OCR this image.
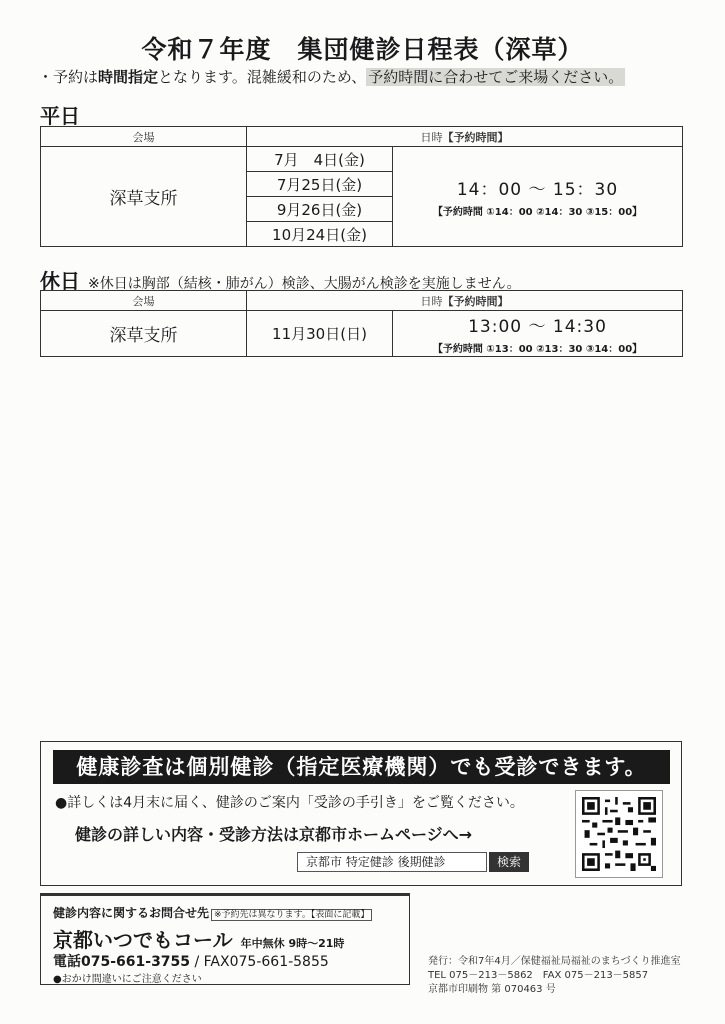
令和７年度　集団健診日程表（深草）
・予約は時間指定となります。混雑緩和のため、 予約時間に合わせてご来場ください。
平日
会場	日時【予約時間】	
深草支所	7月　4日(金)	14：00 ～ 15：30
【予約時間 ①14：00 ②14：30 ③15：00】

	7月25日(金)	
	9月26日(金)	
	10月24日(金)	
休日 ※休日は胸部（結核・肺がん）検診、大腸がん検診を実施しません。
会場	日時【予約時間】	
深草支所	11月30日(日)	13:00 ～ 14:30
【予約時間 ①13：00 ②13：30 ③14：00】
健康診査は個別健診（指定医療機関）でも受診できます。
●詳しくは4月末に届く、健診のご案内「受診の手引き」をご覧ください。
健診の詳しい内容・受診方法は京都市ホームページへ→
京都市 特定健診 後期健診	検索
健診内容に関するお問合せ先 ※予約先は異なります。【表面に記載】
京都いつでもコール 年中無休 9時～21時
電話075-661-3755 / FAX075-661-5855
●おかけ間違いにご注意ください
発行：令和7年4月／保健福祉局福祉のまちづくり推進室
TEL 075－213－5862　FAX 075－213－5857
京都市印刷物 第 070463 号
